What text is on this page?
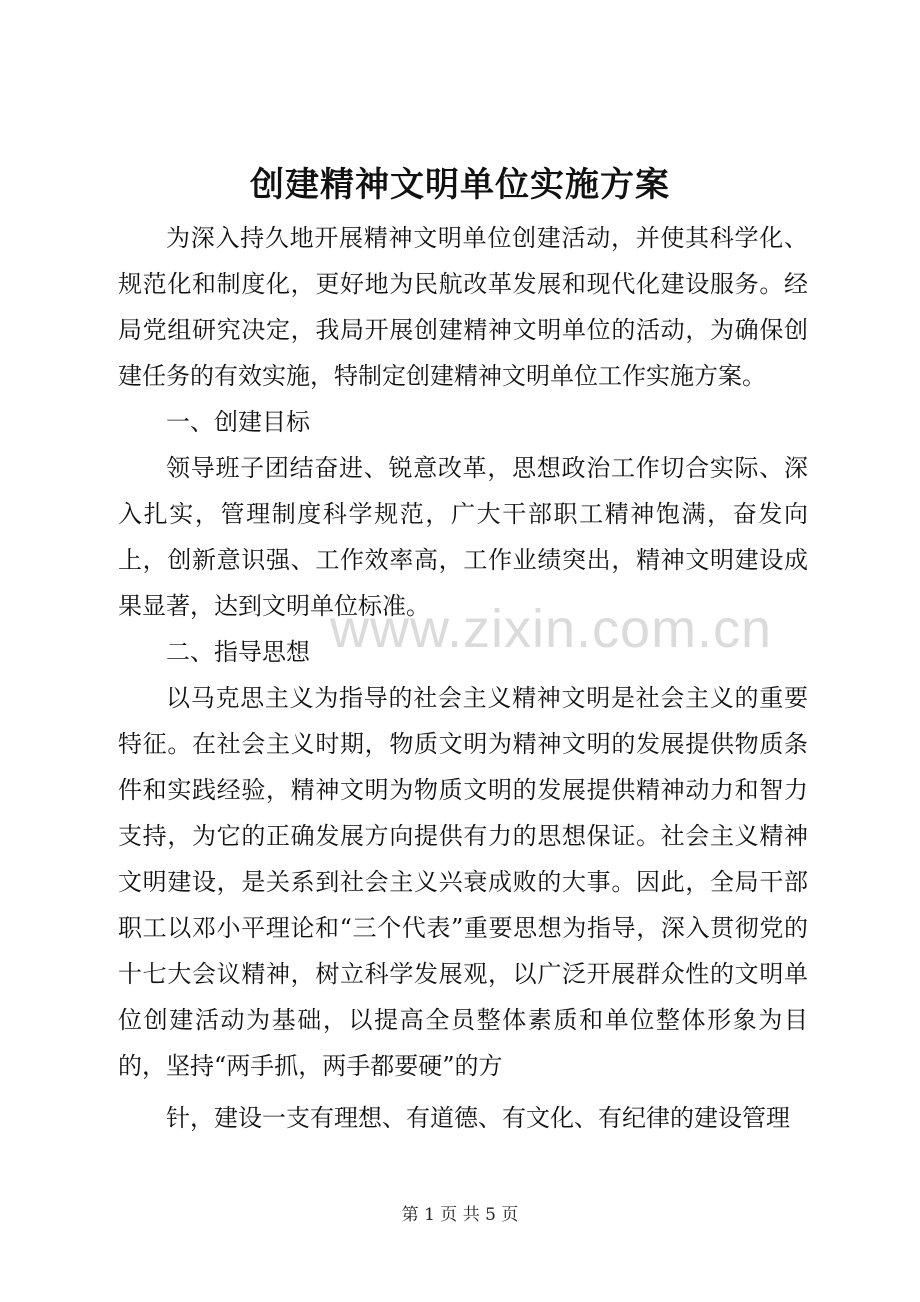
创建精神文明单位实施方案

为深入持久地开展精神文明单位创建活动，并使其科学化、规范化和制度化，更好地为民航改革发展和现代化建设服务。经局党组研究决定，我局开展创建精神文明单位的活动，为确保创建任务的有效实施，特制定创建精神文明单位工作实施方案。

一、创建目标

领导班子团结奋进、锐意改革，思想政治工作切合实际、深入扎实，管理制度科学规范，广大干部职工精神饱满，奋发向上，创新意识强、工作效率高，工作业绩突出，精神文明建设成果显著，达到文明单位标准。

二、指导思想

以马克思主义为指导的社会主义精神文明是社会主义的重要特征。在社会主义时期，物质文明为精神文明的发展提供物质条件和实践经验，精神文明为物质文明的发展提供精神动力和智力支持，为它的正确发展方向提供有力的思想保证。社会主义精神文明建设，是关系到社会主义兴衰成败的大事。因此，全局干部职工以邓小平理论和“三个代表”重要思想为指导，深入贯彻党的十七大会议精神，树立科学发展观，以广泛开展群众性的文明单位创建活动为基础，以提高全员整体素质和单位整体形象为目的，坚持“两手抓，两手都要硬”的方

针，建设一支有理想、有道德、有文化、有纪律的建设管理

www.zixin.com.cn
第 1 页 共 5 页
